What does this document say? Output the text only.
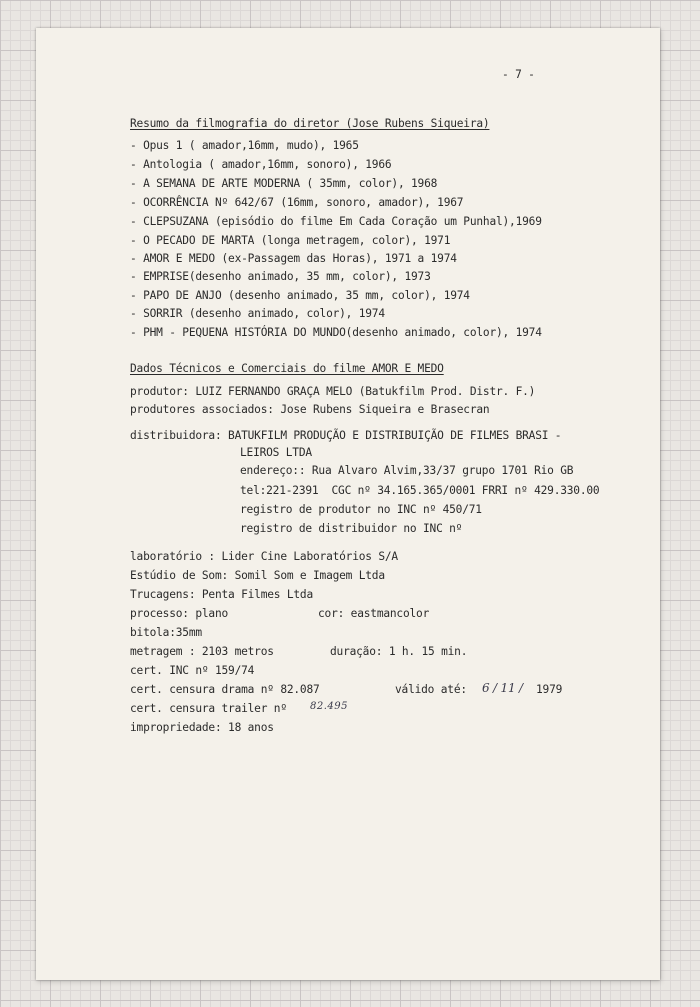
- 7 -
Resumo da filmografia do diretor (Jose Rubens Siqueira)
- Opus 1 ( amador,16mm, mudo), 1965
- Antologia ( amador,16mm, sonoro), 1966
- A SEMANA DE ARTE MODERNA ( 35mm, color), 1968
- OCORRÊNCIA Nº 642/67 (16mm, sonoro, amador), 1967
- CLEPSUZANA (episódio do filme Em Cada Coração um Punhal),1969
- O PECADO DE MARTA (longa metragem, color), 1971
- AMOR E MEDO (ex-Passagem das Horas), 1971 a 1974
- EMPRISE(desenho animado, 35 mm, color), 1973
- PAPO DE ANJO (desenho animado, 35 mm, color), 1974
- SORRIR (desenho animado, color), 1974
- PHM - PEQUENA HISTÓRIA DO MUNDO(desenho animado, color), 1974
Dados Técnicos e Comerciais do filme AMOR E MEDO
produtor: LUIZ FERNANDO GRAÇA MELO (Batukfilm Prod. Distr. F.)
produtores associados: Jose Rubens Siqueira e Brasecran
distribuidora: BATUKFILM PRODUÇÃO E DISTRIBUIÇÃO DE FILMES BRASI -
LEIROS LTDA
endereço:: Rua Alvaro Alvim,33/37 grupo 1701 Rio GB
tel:221-2391  CGC nº 34.165.365/0001 FRRI nº 429.330.00
registro de produtor no INC nº 450/71
registro de distribuidor no INC nº
laboratório : Lider Cine Laboratórios S/A
Estúdio de Som: Somil Som e Imagem Ltda
Trucagens: Penta Filmes Ltda
processo: plano	cor: eastmancolor
bitola:35mm
metragem : 2103 metros	duração: 1 h. 15 min.
cert. INC nº 159/74
cert. censura drama nº 82.087	válido até: 6 / 11 / 1979
cert. censura trailer nº 82.495
impropriedade: 18 anos
